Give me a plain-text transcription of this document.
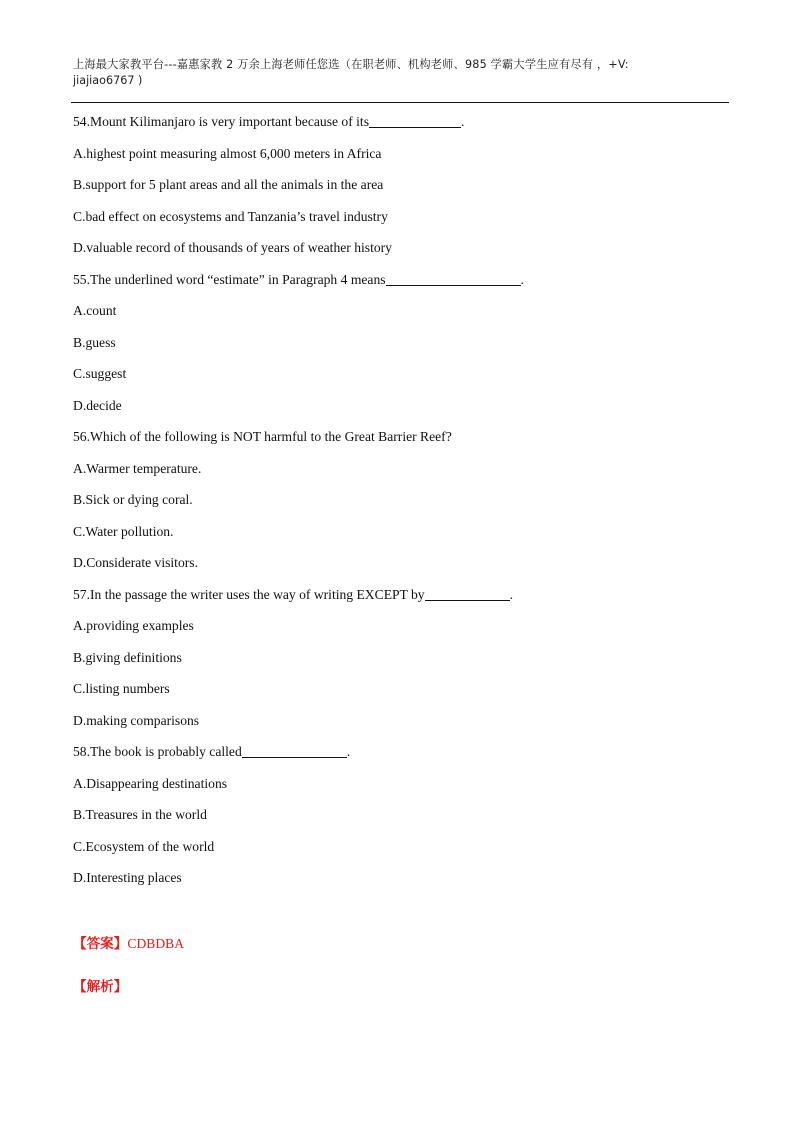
上海最大家教平台---嘉惠家教 2 万余上海老师任您选（在职老师、机构老师、985 学霸大学生应有尽有 ，+V:
jiajiao6767 )
54.Mount Kilimanjaro is very important because of its	.
A.highest point measuring almost 6,000 meters in Africa
B.support for 5 plant areas and all the animals in the area
C.bad effect on ecosystems and Tanzania’s travel industry
D.valuable record of thousands of years of weather history
55.The underlined word “estimate” in Paragraph 4 means	.
A.count
B.guess
C.suggest
D.decide
56.Which of the following is NOT harmful to the Great Barrier Reef?
A.Warmer temperature.
B.Sick or dying coral.
C.Water pollution.
D.Considerate visitors.
57.In the passage the writer uses the way of writing EXCEPT by	.
A.providing examples
B.giving definitions
C.listing numbers
D.making comparisons
58.The book is probably called	.
A.Disappearing destinations
B.Treasures in the world
C.Ecosystem of the world
D.Interesting places
【答案】CDBDBA
【解析】
